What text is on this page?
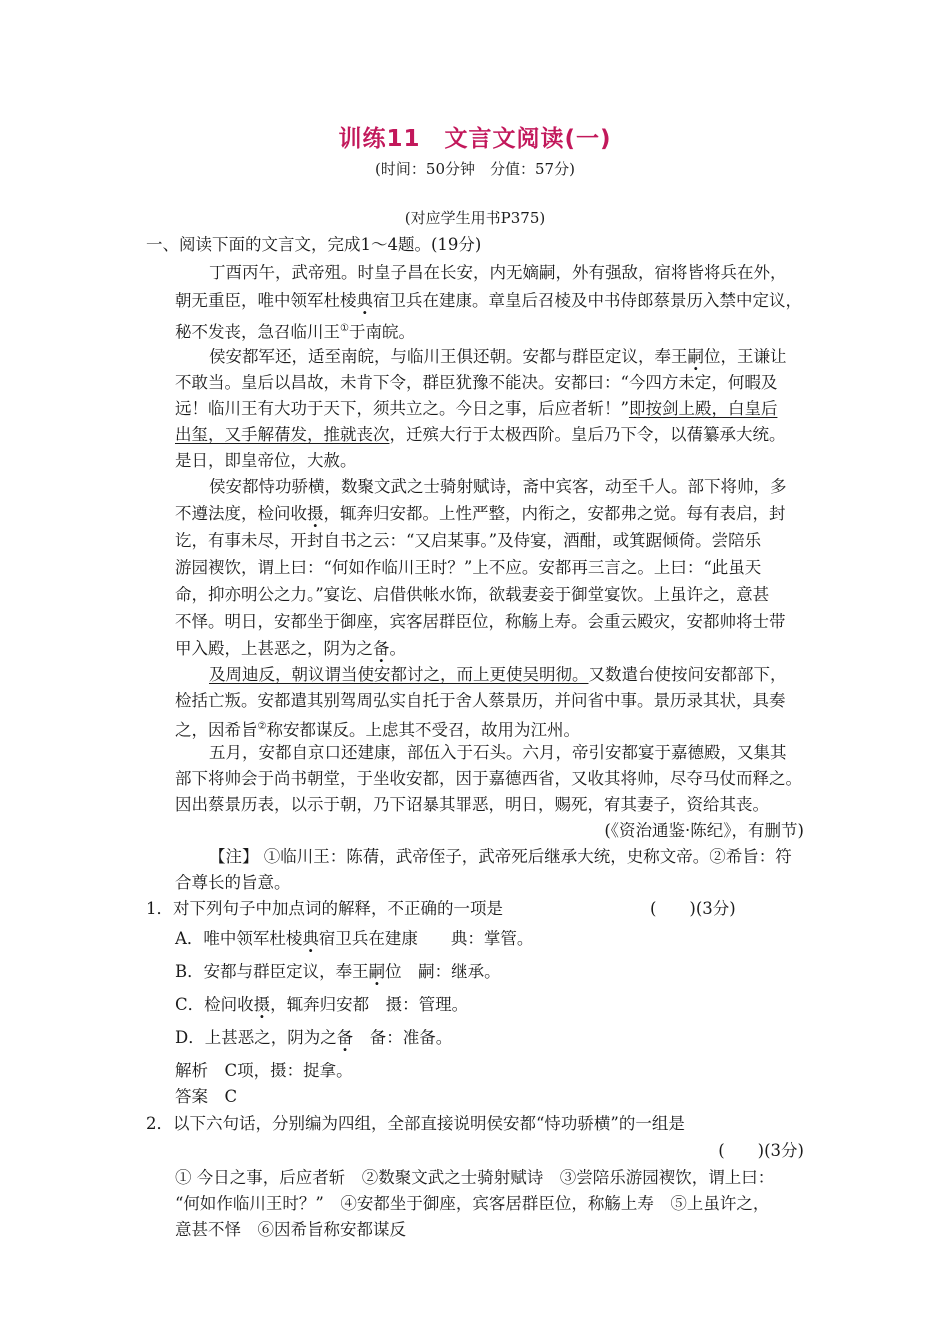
训练11　文言文阅读(一)
(时间：50分钟　分值：57分)
(对应学生用书P375)
一、阅读下面的文言文，完成1～4题。(19分)
丁酉丙午，武帝殂。时皇子昌在长安，内无嫡嗣，外有强敌，宿将皆将兵在外，
朝无重臣，唯中领军杜棱典宿卫兵在建康。章皇后召棱及中书侍郎蔡景历入禁中定议，
秘不发丧，急召临川王①于南皖。
侯安都军还，适至南皖，与临川王俱还朝。安都与群臣定议，奉王嗣位，王谦让
不敢当。皇后以昌故，未肯下令，群臣犹豫不能决。安都曰：“今四方未定，何暇及
远！临川王有大功于天下，须共立之。今日之事，后应者斩！”即按剑上殿，白皇后
出玺，又手解蒨发，推就丧次，迁殡大行于太极西阶。皇后乃下令，以蒨纂承大统。
是日，即皇帝位，大赦。
侯安都恃功骄横，数聚文武之士骑射赋诗，斋中宾客，动至千人。部下将帅，多
不遵法度，检问收摄，辄奔归安都。上性严整，内衔之，安都弗之觉。每有表启，封
讫，有事未尽，开封自书之云：“又启某事。”及侍宴，酒酣，或箕踞倾倚。尝陪乐
游园褉饮，谓上曰：“何如作临川王时？”上不应。安都再三言之。上曰：“此虽天
命，抑亦明公之力。”宴讫、启借供帐水饰，欲载妻妾于御堂宴饮。上虽许之，意甚
不怿。明日，安都坐于御座，宾客居群臣位，称觞上寿。会重云殿灾，安都帅将士带
甲入殿，上甚恶之，阴为之备。
及周迪反，朝议谓当使安都讨之，而上更使吴明彻。又数遣台使按问安都部下，
检括亡叛。安都遣其别驾周弘实自托于舍人蔡景历，并问省中事。景历录其状，具奏
之，因希旨②称安都谋反。上虑其不受召，故用为江州。
五月，安都自京口还建康，部伍入于石头。六月，帝引安都宴于嘉德殿，又集其
部下将帅会于尚书朝堂，于坐收安都，因于嘉德西省，又收其将帅，尽夺马仗而释之。
因出蔡景历表，以示于朝，乃下诏暴其罪恶，明日，赐死，宥其妻子，资给其丧。
(《资治通鉴·陈纪》，有删节)
【注】 ①临川王：陈蒨，武帝侄子，武帝死后继承大统，史称文帝。②希旨：符
合尊长的旨意。
1．对下列句子中加点词的解释，不正确的一项是	(　　)(3分)
A．唯中领军杜棱典宿卫兵在建康　　典：掌管。
B．安都与群臣定议，奉王嗣位　嗣：继承。
C．检问收摄，辄奔归安都　摄：管理。
D．上甚恶之，阴为之备　备：准备。
解析　C项，摄：捉拿。
答案　C
2．以下六句话，分别编为四组，全部直接说明侯安都“恃功骄横”的一组是
(　　)(3分)
① 今日之事，后应者斩　②数聚文武之士骑射赋诗　③尝陪乐游园褉饮，谓上曰：
“何如作临川王时？”　④安都坐于御座，宾客居群臣位，称觞上寿　⑤上虽许之，
意甚不怿　⑥因希旨称安都谋反
